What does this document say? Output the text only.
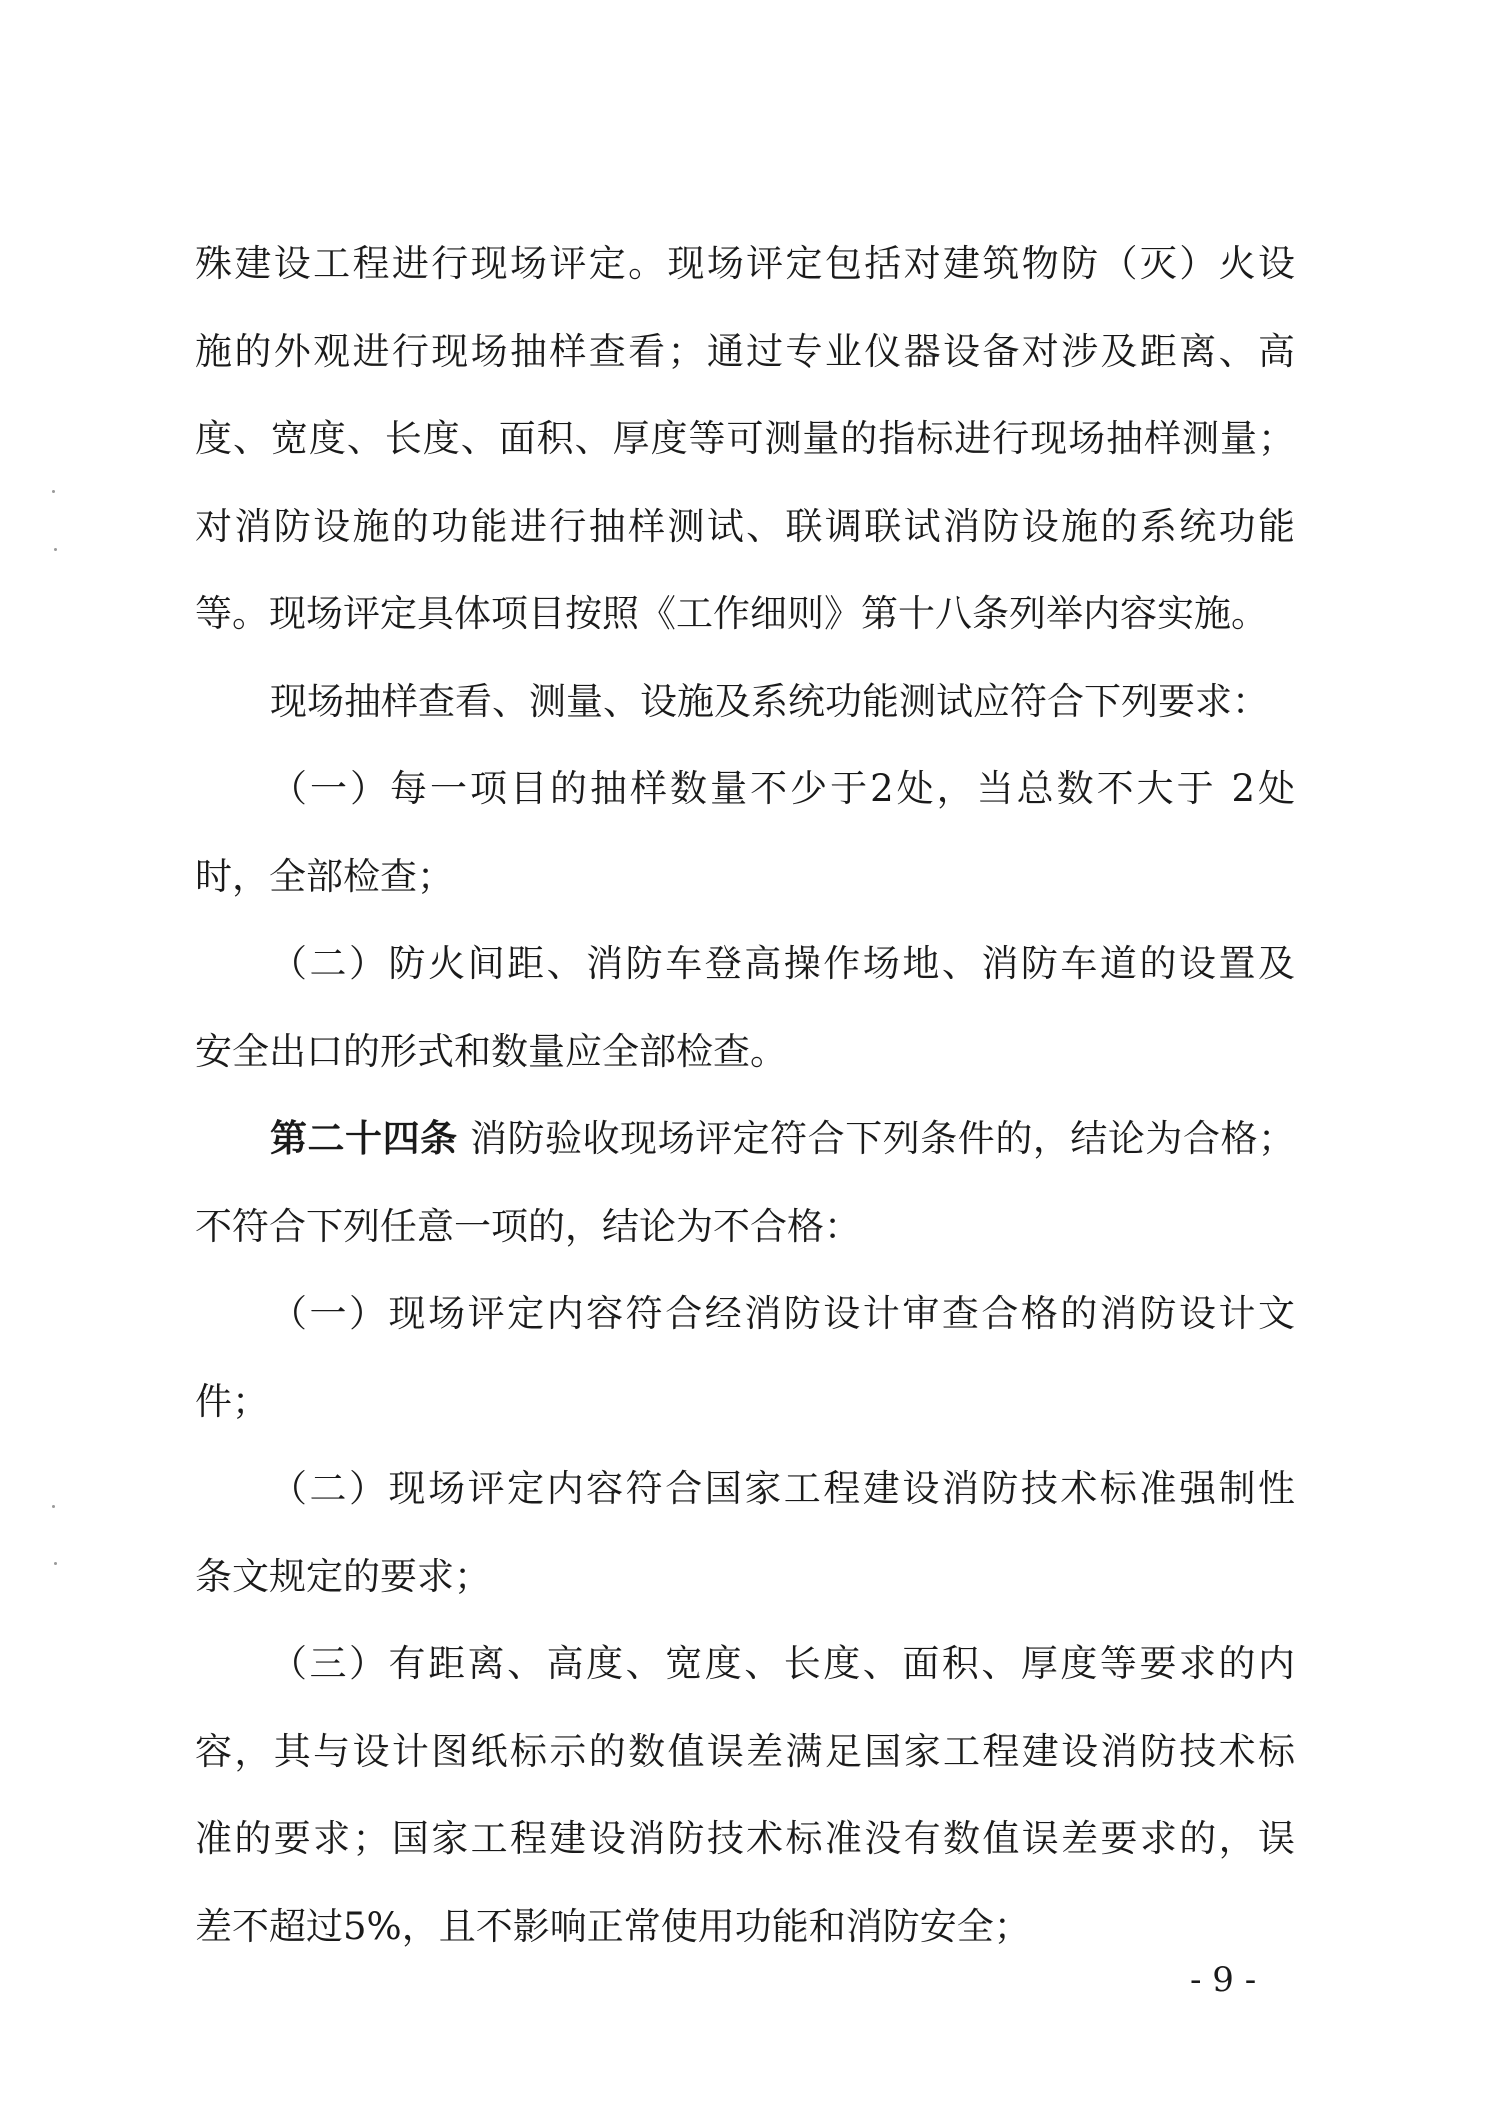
殊建设工程进行现场评定。现场评定包括对建筑物防（灭）火设
施的外观进行现场抽样查看；通过专业仪器设备对涉及距离、高
度、宽度、长度、面积、厚度等可测量的指标进行现场抽样测量；
对消防设施的功能进行抽样测试、联调联试消防设施的系统功能
等。现场评定具体项目按照《工作细则》第十八条列举内容实施。
现场抽样查看、测量、设施及系统功能测试应符合下列要求：
（一）每一项目的抽样数量不少于2处，当总数不大于 2处
时，全部检查；
（二）防火间距、消防车登高操作场地、消防车道的设置及
安全出口的形式和数量应全部检查。
第二十四条 消防验收现场评定符合下列条件的，结论为合格；
不符合下列任意一项的，结论为不合格：
（一）现场评定内容符合经消防设计审查合格的消防设计文
件；
（二）现场评定内容符合国家工程建设消防技术标准强制性
条文规定的要求；
（三）有距离、高度、宽度、长度、面积、厚度等要求的内
容，其与设计图纸标示的数值误差满足国家工程建设消防技术标
准的要求；国家工程建设消防技术标准没有数值误差要求的，误
差不超过5%，且不影响正常使用功能和消防安全；
- 9 -
